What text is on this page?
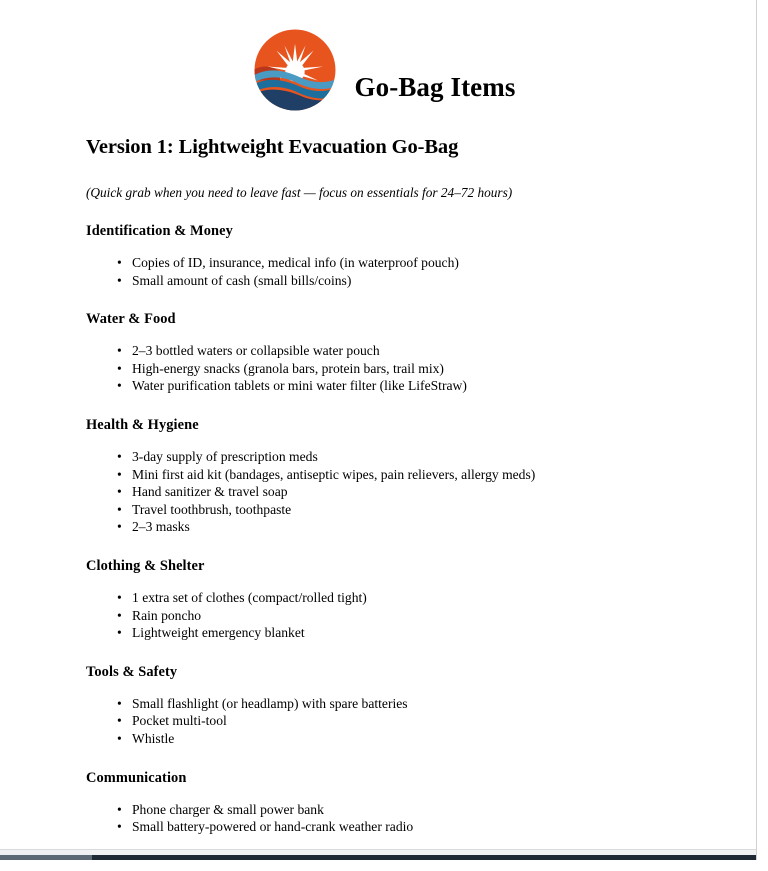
Go-Bag Items
Version 1: Lightweight Evacuation Go-Bag

(Quick grab when you need to leave fast — focus on essentials for 24–72 hours)

Identification & Money
• Copies of ID, insurance, medical info (in waterproof pouch)
• Small amount of cash (small bills/coins)
Water & Food
• 2–3 bottled waters or collapsible water pouch
• High-energy snacks (granola bars, protein bars, trail mix)
• Water purification tablets or mini water filter (like LifeStraw)
Health & Hygiene
• 3-day supply of prescription meds
• Mini first aid kit (bandages, antiseptic wipes, pain relievers, allergy meds)
• Hand sanitizer & travel soap
• Travel toothbrush, toothpaste
• 2–3 masks
Clothing & Shelter
• 1 extra set of clothes (compact/rolled tight)
• Rain poncho
• Lightweight emergency blanket
Tools & Safety
• Small flashlight (or headlamp) with spare batteries
• Pocket multi-tool
• Whistle
Communication
• Phone charger & small power bank
• Small battery-powered or hand-crank weather radio
